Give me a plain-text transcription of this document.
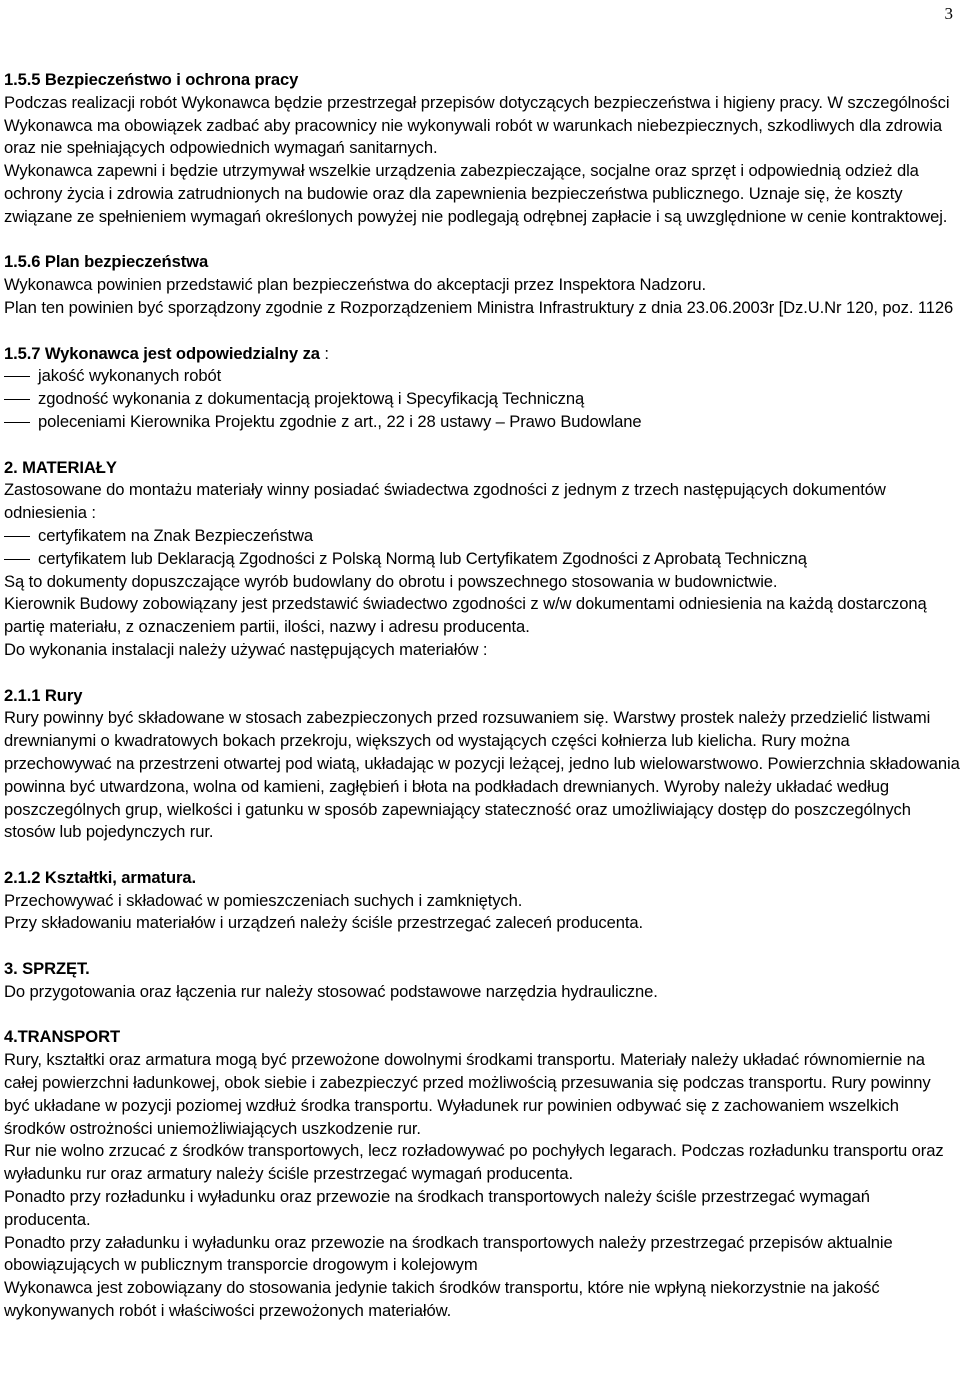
3
1.5.5 Bezpieczeństwo i ochrona pracy
Podczas realizacji robót Wykonawca będzie przestrzegał przepisów dotyczących bezpieczeństwa i higieny pracy. W szczególności Wykonawca ma obowiązek zadbać aby pracownicy nie wykonywali robót w warunkach niebezpiecznych, szkodliwych dla zdrowia oraz nie spełniających odpowiednich wymagań sanitarnych.
Wykonawca zapewni i będzie utrzymywał wszelkie urządzenia zabezpieczające, socjalne oraz sprzęt i odpowiednią odzież dla ochrony życia i zdrowia zatrudnionych na budowie oraz dla zapewnienia bezpieczeństwa publicznego. Uznaje się, że koszty związane ze spełnieniem wymagań określonych powyżej nie podlegają odrębnej zapłacie i są uwzględnione w cenie kontraktowej.
1.5.6 Plan bezpieczeństwa
Wykonawca powinien przedstawić plan bezpieczeństwa do akceptacji przez Inspektora Nadzoru.
Plan ten powinien być sporządzony zgodnie z Rozporządzeniem Ministra Infrastruktury z dnia 23.06.2003r [Dz.U.Nr 120, poz. 1126
1.5.7 Wykonawca jest odpowiedzialny za :
jakość wykonanych robót
zgodność wykonania z dokumentacją projektową i Specyfikacją Techniczną
poleceniami Kierownika Projektu zgodnie z art., 22 i 28 ustawy – Prawo Budowlane
2. MATERIAŁY
Zastosowane do montażu materiały winny posiadać świadectwa zgodności z jednym z trzech następujących dokumentów odniesienia :
certyfikatem na Znak Bezpieczeństwa
certyfikatem lub Deklaracją Zgodności z Polską Normą lub Certyfikatem Zgodności z Aprobatą Techniczną
Są to dokumenty dopuszczające wyrób budowlany do obrotu i powszechnego stosowania w budownictwie.
Kierownik Budowy zobowiązany jest przedstawić świadectwo zgodności z w/w dokumentami odniesienia na każdą dostarczoną partię materiału, z oznaczeniem partii, ilości, nazwy i adresu producenta.
Do wykonania instalacji należy używać następujących materiałów :
2.1.1 Rury
Rury powinny być składowane w stosach zabezpieczonych przed rozsuwaniem się. Warstwy prostek należy przedzielić listwami drewnianymi o kwadratowych bokach przekroju, większych od wystających części kołnierza lub kielicha. Rury można przechowywać na przestrzeni otwartej pod wiatą, układając w pozycji leżącej, jedno lub wielowarstwowo. Powierzchnia składowania powinna być utwardzona, wolna od kamieni, zagłębień i błota na podkładach drewnianych. Wyroby należy układać według poszczególnych grup, wielkości i gatunku w sposób zapewniający stateczność oraz umożliwiający dostęp do poszczególnych stosów lub pojedynczych rur.
2.1.2 Kształtki, armatura.
Przechowywać i składować w pomieszczeniach suchych i zamkniętych.
Przy składowaniu materiałów i urządzeń należy ściśle przestrzegać zaleceń producenta.
3. SPRZĘT.
Do przygotowania oraz łączenia rur należy stosować podstawowe narzędzia hydrauliczne.
4.TRANSPORT
Rury, kształtki oraz armatura mogą być przewożone dowolnymi środkami transportu. Materiały należy układać równomiernie na całej powierzchni ładunkowej, obok siebie i zabezpieczyć przed możliwością przesuwania się podczas transportu. Rury powinny być układane w pozycji poziomej wzdłuż środka transportu. Wyładunek rur powinien odbywać się z zachowaniem wszelkich środków ostrożności uniemożliwiających uszkodzenie rur.
Rur nie wolno zrzucać z środków transportowych, lecz rozładowywać po pochyłych legarach. Podczas rozładunku transportu oraz wyładunku rur oraz armatury należy ściśle przestrzegać wymagań producenta.
Ponadto przy rozładunku i wyładunku oraz przewozie na środkach transportowych należy ściśle przestrzegać wymagań producenta.
Ponadto przy załadunku i wyładunku oraz przewozie na środkach transportowych należy przestrzegać przepisów aktualnie obowiązujących w publicznym transporcie drogowym i kolejowym
Wykonawca jest zobowiązany do stosowania jedynie takich środków transportu, które nie wpłyną niekorzystnie na jakość wykonywanych robót i właściwości przewożonych materiałów.
